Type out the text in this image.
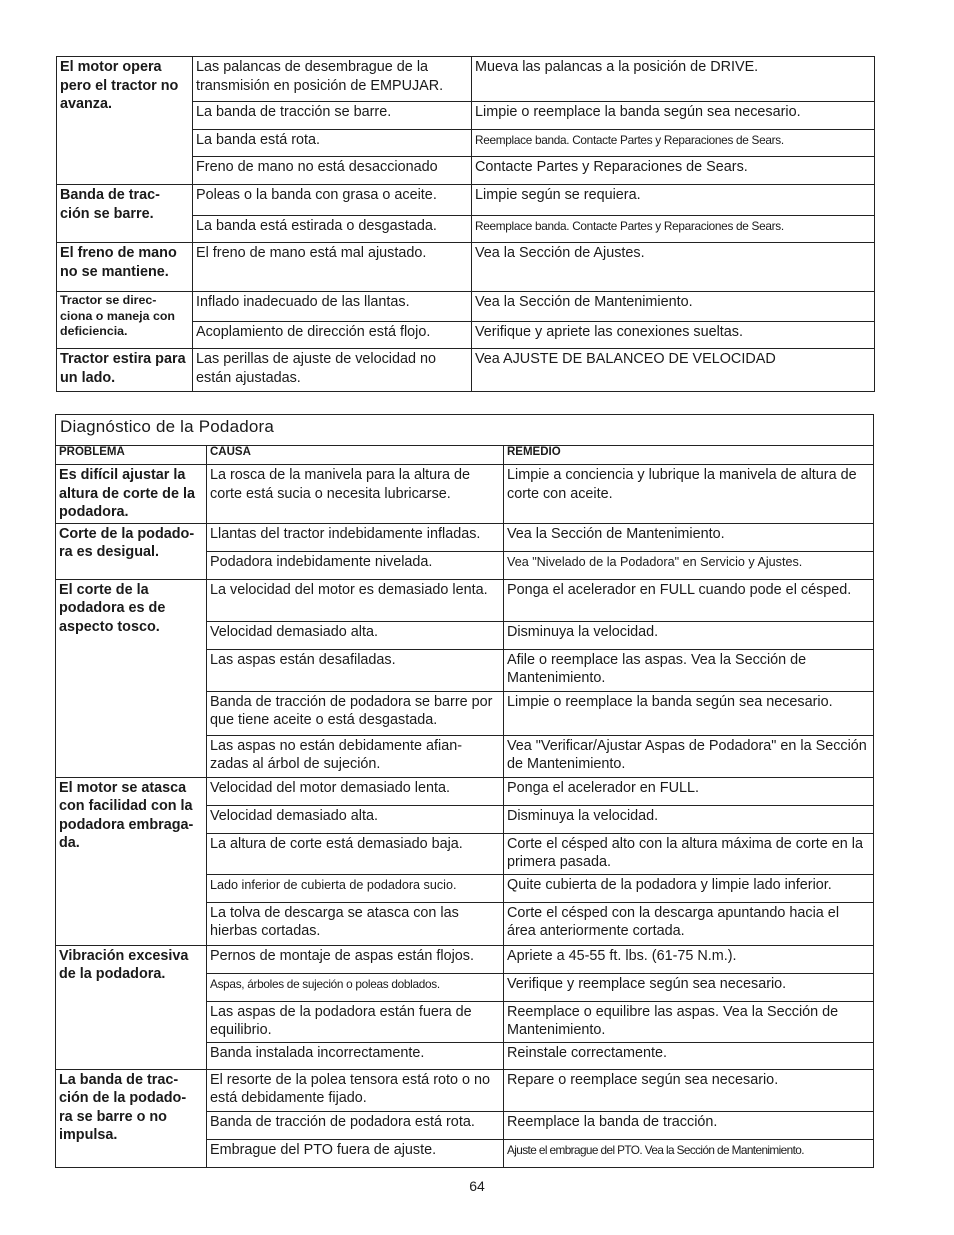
El motor opera pero el tractor no avanza.	Las palancas de desembrague de la transmisión en posición de EMPUJAR.	Mueva las palancas a la posición de DRIVE.
	La banda de tracción se barre.	Limpie o reemplace la banda según sea necesario.
	La banda está rota.	Reemplace banda. Contacte Partes y Reparaciones de Sears.
	Freno de mano no está desaccionado	Contacte Partes y Reparaciones de Sears.
Banda de trac- ción se barre.	Poleas o la banda con grasa o aceite.	Limpie según se requiera.
	La banda está estirada o desgastada.	Reemplace banda. Contacte Partes y Reparaciones de Sears.
El freno de mano no se mantiene.	El freno de mano está mal ajustado.	Vea la Sección de Ajustes.
Tractor se direc- ciona o maneja con deficiencia.	Inflado inadecuado de las llantas.	Vea la Sección de Mantenimiento.
	Acoplamiento de dirección está flojo.	Verifique y apriete las conexiones sueltas.
Tractor estira para un lado.	Las perillas de ajuste de velocidad no están ajustadas.	Vea AJUSTE DE BALANCEO DE VELOCIDAD
Diagnóstico de la Podadora
PROBLEMA	CAUSA	REMEDIO
Es difícil ajustar la altura de corte de la podadora.	La rosca de la manivela para la altura de corte está sucia o necesita lubricarse.	Limpie a conciencia y lubrique la manivela de altura de corte con aceite.
Corte de la podado- ra es desigual.	Llantas del tractor indebidamente infladas.	Vea la Sección de Mantenimiento.
	Podadora indebidamente nivelada.	Vea "Nivelado de la Podadora" en Servicio y Ajustes.
El corte de la podadora es de aspecto tosco.	La velocidad del motor es demasiado lenta.	Ponga el acelerador en FULL cuando pode el césped.
	Velocidad demasiado alta.	Disminuya la velocidad.
	Las aspas están desafiladas.	Afile o reemplace las aspas. Vea la Sección de Mantenimiento.
	Banda de tracción de podadora se barre por que tiene aceite o está desgastada.	Limpie o reemplace la banda según sea necesario.
	Las aspas no están debidamente afian- zadas al árbol de sujeción.	Vea "Verificar/Ajustar Aspas de Podadora" en la Sección de Mantenimiento.
El motor se atasca con facilidad con la podadora embraga- da.	Velocidad del motor demasiado lenta.	Ponga el acelerador en FULL.
	Velocidad demasiado alta.	Disminuya la velocidad.
	La altura de corte está demasiado baja.	Corte el césped alto con la altura máxima de corte en la primera pasada.
	Lado inferior de cubierta de podadora sucio.	Quite cubierta de la podadora y limpie lado inferior.
	La tolva de descarga se atasca con las hierbas cortadas.	Corte el césped con la descarga apuntando hacia el área anteriormente cortada.
Vibración excesiva de la podadora.	Pernos de montaje de aspas están flojos.	Apriete a 45-55 ft. lbs. (61-75 N.m.).
	Aspas, árboles de sujeción o poleas doblados.	Verifique y reemplace según sea necesario.
	Las aspas de la podadora están fuera de equilibrio.	Reemplace o equilibre las aspas. Vea la Sección de Mantenimiento.
	Banda instalada incorrectamente.	Reinstale correctamente.
La banda de trac- ción de la podado- ra se barre o no impulsa.	El resorte de la polea tensora está roto o no está debidamente fijado.	Repare o reemplace según sea necesario.
	Banda de tracción de podadora está rota.	Reemplace la banda de tracción.
	Embrague del PTO fuera de ajuste.	Ajuste el embrague del PTO. Vea la Sección de Mantenimiento.
64
